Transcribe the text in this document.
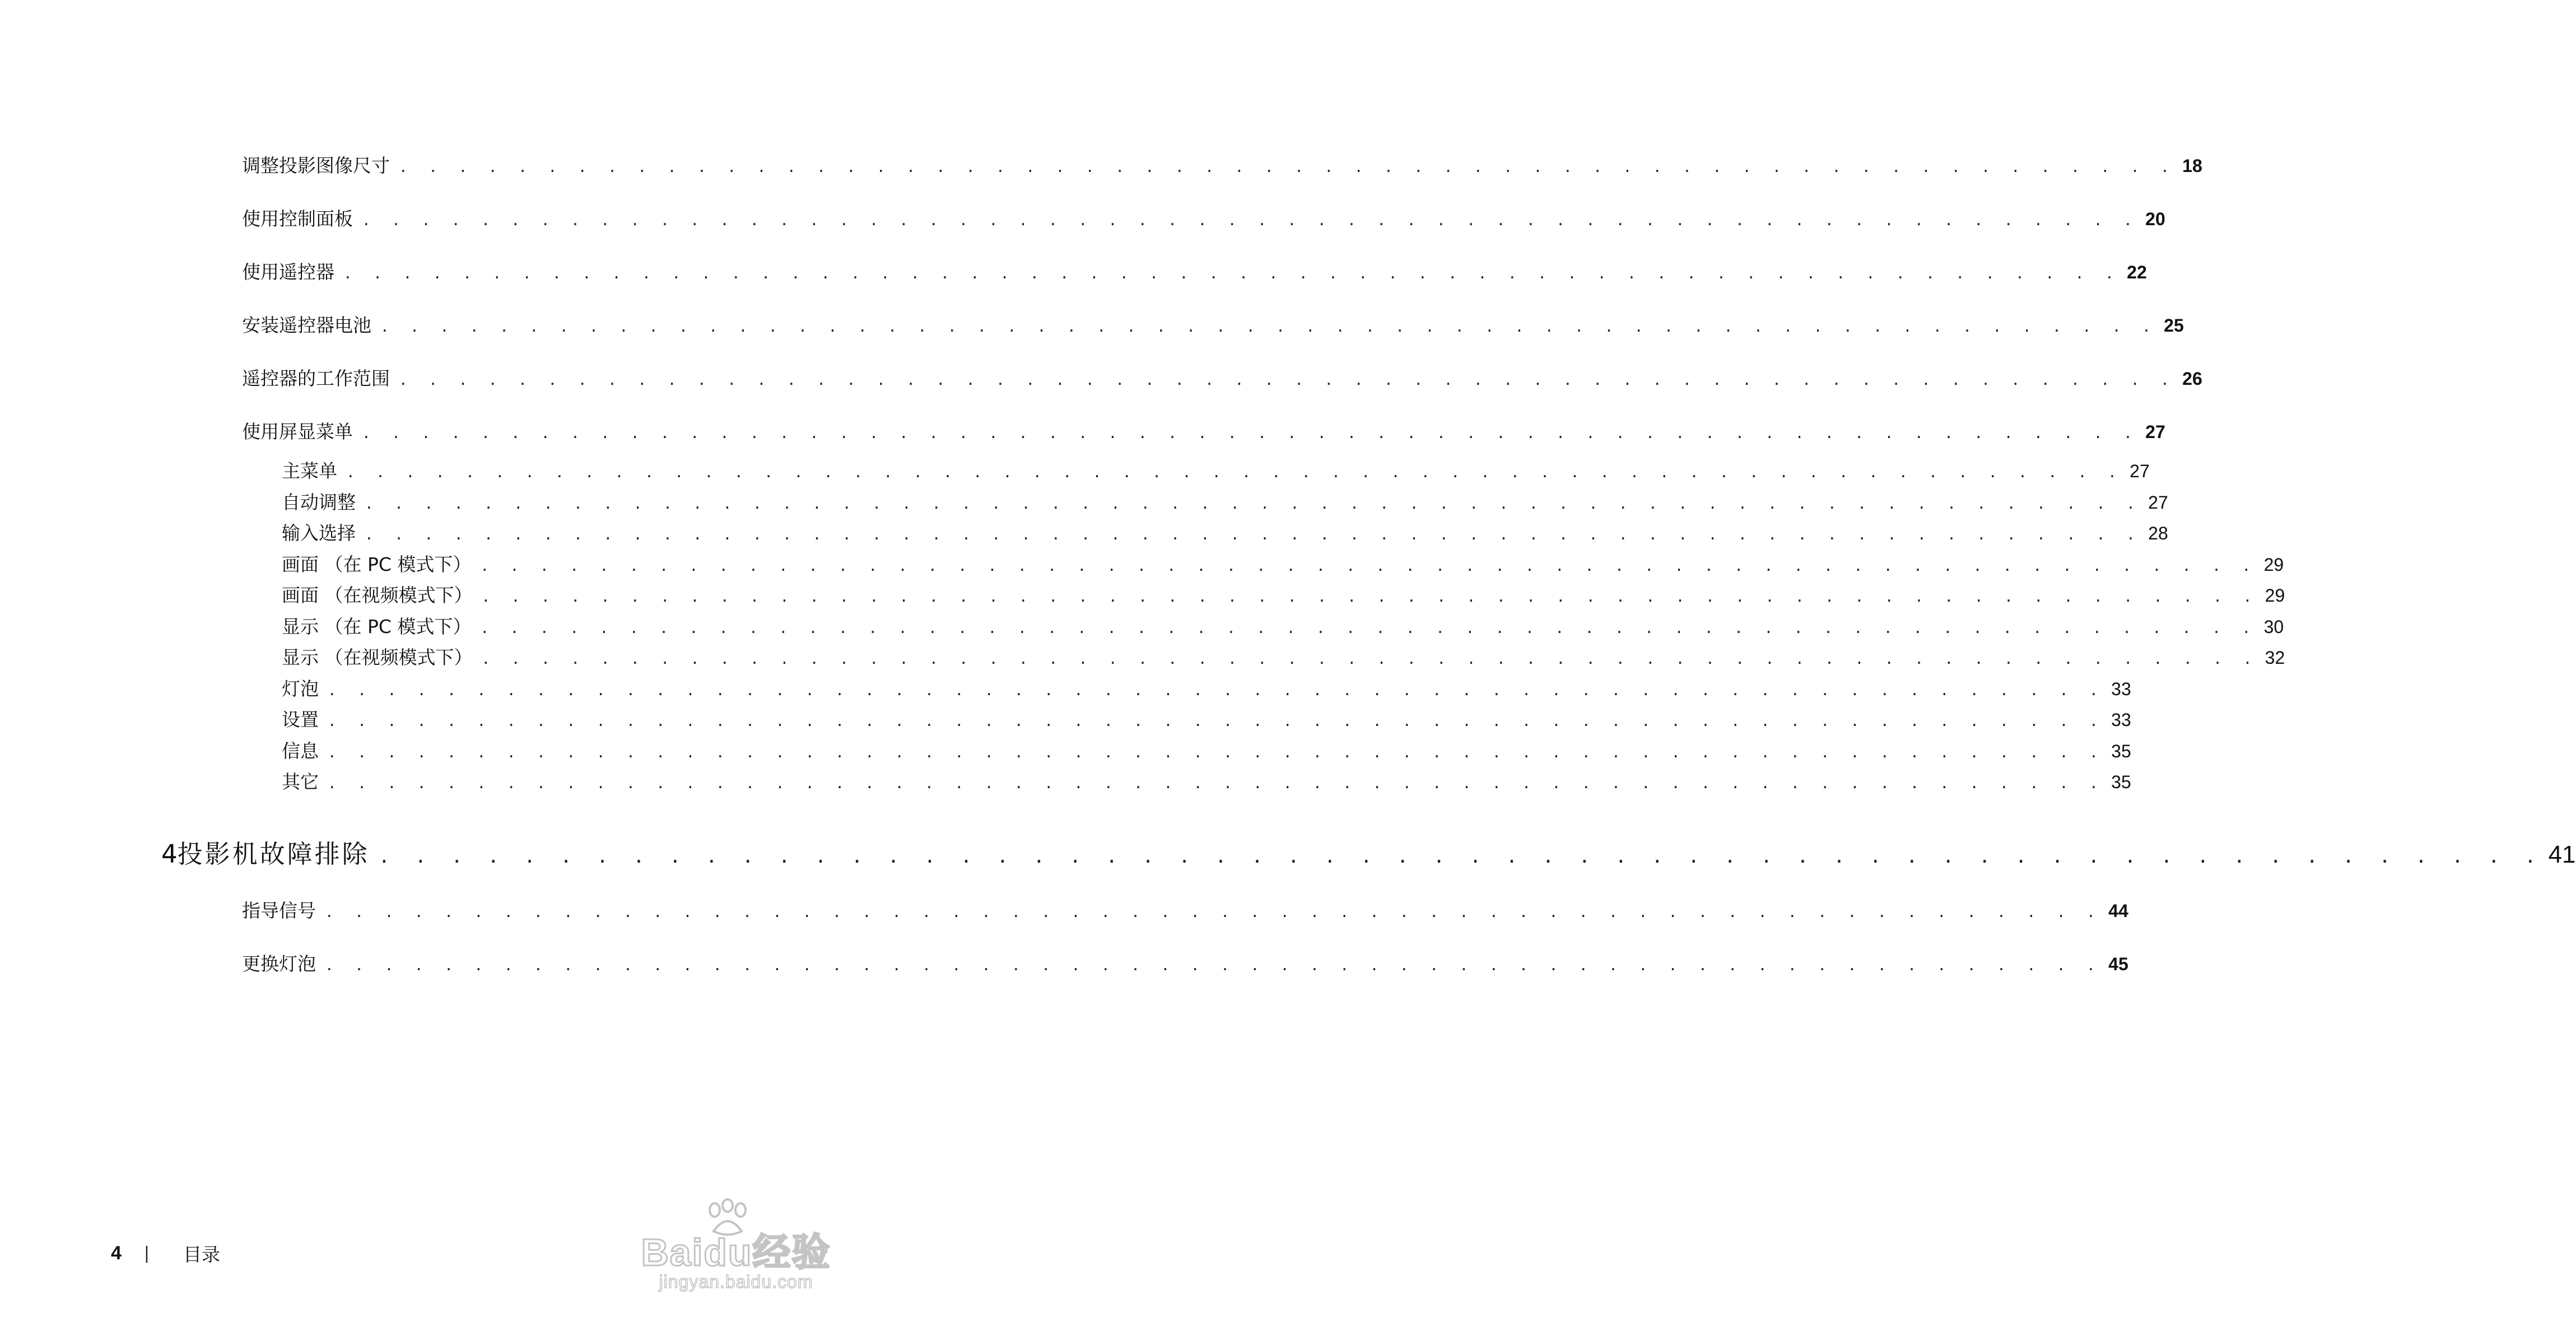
调整投影图像尺寸 . . . . . . . . . . . . . . . . . . . . . . . . . . . . . . . . . . . . . . . . . . . . . . . . . . . . . . . . . . . . 18
使用控制面板 . . . . . . . . . . . . . . . . . . . . . . . . . . . . . . . . . . . . . . . . . . . . . . . . . . . . . . . . . . . . 20
使用遥控器 . . . . . . . . . . . . . . . . . . . . . . . . . . . . . . . . . . . . . . . . . . . . . . . . . . . . . . . . . . . . 22
安装遥控器电池 . . . . . . . . . . . . . . . . . . . . . . . . . . . . . . . . . . . . . . . . . . . . . . . . . . . . . . . . . . . . 25
遥控器的工作范围 . . . . . . . . . . . . . . . . . . . . . . . . . . . . . . . . . . . . . . . . . . . . . . . . . . . . . . . . . . . . 26
使用屏显菜单 . . . . . . . . . . . . . . . . . . . . . . . . . . . . . . . . . . . . . . . . . . . . . . . . . . . . . . . . . . . . 27
主菜单 . . . . . . . . . . . . . . . . . . . . . . . . . . . . . . . . . . . . . . . . . . . . . . . . . . . . . . . . . . . . 27
自动调整 . . . . . . . . . . . . . . . . . . . . . . . . . . . . . . . . . . . . . . . . . . . . . . . . . . . . . . . . . . . . 27
输入选择 . . . . . . . . . . . . . . . . . . . . . . . . . . . . . . . . . . . . . . . . . . . . . . . . . . . . . . . . . . . . 28
画面 （在 PC 模式下） . . . . . . . . . . . . . . . . . . . . . . . . . . . . . . . . . . . . . . . . . . . . . . . . . . . . . . . . . . . . 29
画面 （在视频模式下） . . . . . . . . . . . . . . . . . . . . . . . . . . . . . . . . . . . . . . . . . . . . . . . . . . . . . . . . . . . . 29
显示 （在 PC 模式下） . . . . . . . . . . . . . . . . . . . . . . . . . . . . . . . . . . . . . . . . . . . . . . . . . . . . . . . . . . . . 30
显示 （在视频模式下） . . . . . . . . . . . . . . . . . . . . . . . . . . . . . . . . . . . . . . . . . . . . . . . . . . . . . . . . . . . . 32
灯泡 . . . . . . . . . . . . . . . . . . . . . . . . . . . . . . . . . . . . . . . . . . . . . . . . . . . . . . . . . . . . 33
设置 . . . . . . . . . . . . . . . . . . . . . . . . . . . . . . . . . . . . . . . . . . . . . . . . . . . . . . . . . . . . 33
信息 . . . . . . . . . . . . . . . . . . . . . . . . . . . . . . . . . . . . . . . . . . . . . . . . . . . . . . . . . . . . 35
其它 . . . . . . . . . . . . . . . . . . . . . . . . . . . . . . . . . . . . . . . . . . . . . . . . . . . . . . . . . . . . 35
4 投影机故障排除 . . . . . . . . . . . . . . . . . . . . . . . . . . . . . . . . . . . . . . . . . . . . . . . . . . . . . . . . . . . . 41
指导信号 . . . . . . . . . . . . . . . . . . . . . . . . . . . . . . . . . . . . . . . . . . . . . . . . . . . . . . . . . . . . 44
更换灯泡 . . . . . . . . . . . . . . . . . . . . . . . . . . . . . . . . . . . . . . . . . . . . . . . . . . . . . . . . . . . . 45
4 | 目录	Baidu经验
jingyan.baidu.com
